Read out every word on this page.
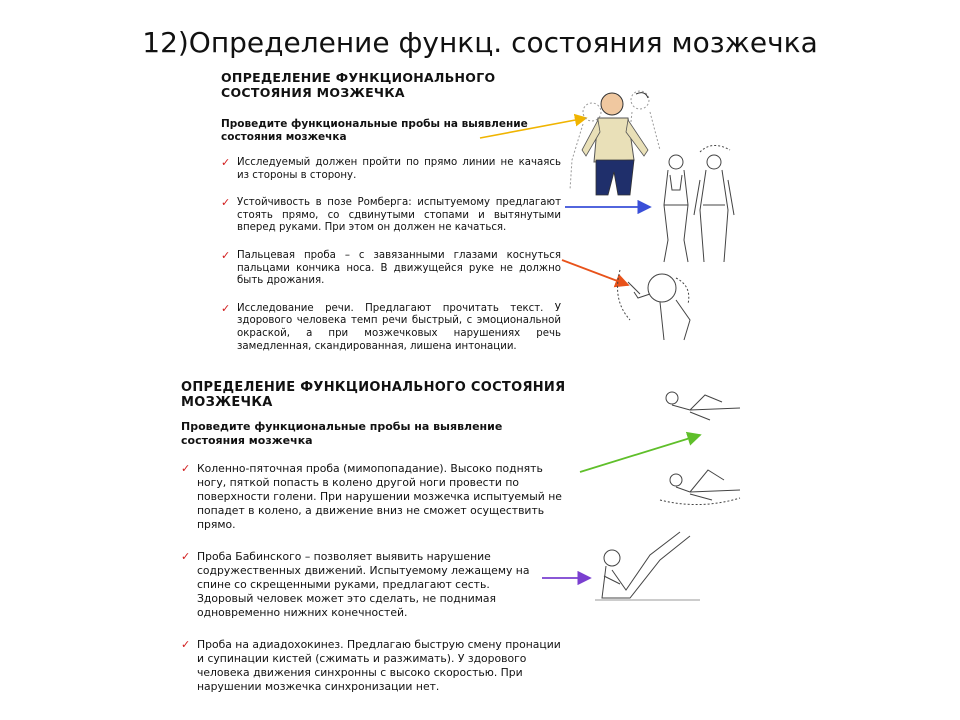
12)Определение функц. состояния мозжечка
ОПРЕДЕЛЕНИЕ ФУНКЦИОНАЛЬНОГО СОСТОЯНИЯ МОЗЖЕЧКА
Проведите функциональные пробы на выявление состояния мозжечка
✓ Исследуемый должен пройти по прямо линии не качаясь из стороны в сторону.
✓ Устойчивость в позе Ромберга: испытуемому предлагают стоять прямо, со сдвинутыми стопами и вытянутыми вперед руками. При этом он должен не качаться.
✓ Пальцевая проба – с завязанными глазами коснуться пальцами кончика носа. В движущейся руке не должно быть дрожания.
✓ Исследование речи. Предлагают прочитать текст. У здорового человека темп речи быстрый, с эмоциональной окраской, а при мозжечковых нарушениях речь замедленная, скандированная, лишена интонации.
ОПРЕДЕЛЕНИЕ ФУНКЦИОНАЛЬНОГО СОСТОЯНИЯ МОЗЖЕЧКА
Проведите функциональные пробы на выявление состояния мозжечка
✓ Коленно-пяточная проба (мимопопадание). Высоко поднять ногу, пяткой попасть в колено другой ноги провести по поверхности голени. При нарушении мозжечка испытуемый не попадет в колено, а движение вниз не сможет осуществить прямо.
✓ Проба Бабинского – позволяет выявить нарушение содружественных движений. Испытуемому лежащему на спине со скрещенными руками, предлагают сесть. Здоровый человек может это сделать, не поднимая одновременно нижних конечностей.
✓ Проба на адиадохокинез. Предлагаю быструю смену пронации и супинации кистей (сжимать и разжимать). У здорового человека движения синхронны с высоко скоростью. При нарушении мозжечка синхронизации нет.
